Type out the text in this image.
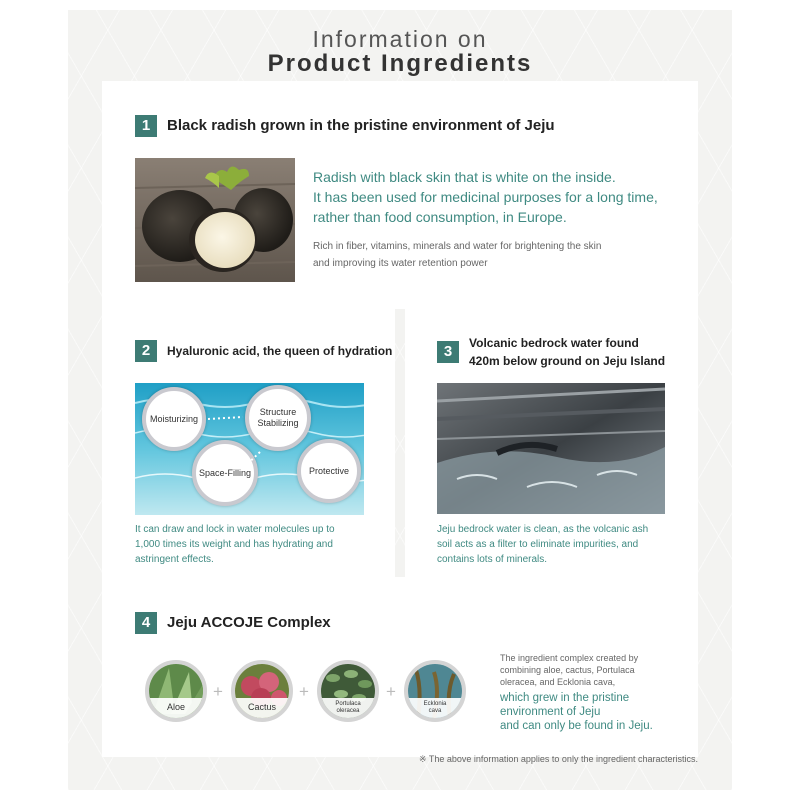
Information on
Product Ingredients
1	Black radish grown in the pristine environment of Jeju
Radish with black skin that is white on the inside.
It has been used for medicinal purposes for a long time,
rather than food consumption, in Europe.
Rich in fiber, vitamins, minerals and water for brightening the skin
and improving its water retention power
2	Hyaluronic acid, the queen of hydration
Moisturizing
Structure Stabilizing
Space-Filling	Protective
It can draw and lock in water molecules up to
1,000 times its weight and has hydrating and
astringent effects.
3	Volcanic bedrock water found
420m below ground on Jeju Island
Jeju bedrock water is clean, as the volcanic ash
soil acts as a filter to eliminate impurities, and
contains lots of minerals.
4	Jeju ACCOJE Complex
Aloe
+
Cactus
+
Portulaca
oleracea
+
Ecklonia
cava
The ingredient complex created by
combining aloe, cactus, Portulaca
oleracea, and Ecklonia cava,
which grew in the pristine
environment of Jeju
and can only be found in Jeju.
※ The above information applies to only the ingredient characteristics.
